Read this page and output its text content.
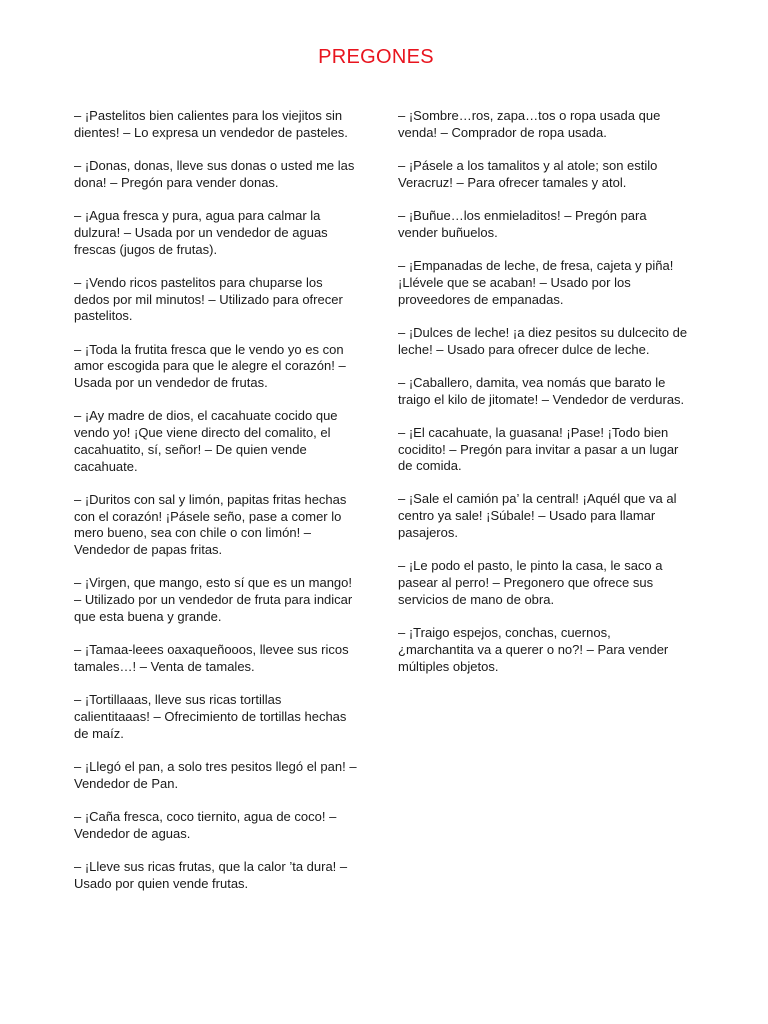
PREGONES

– ¡Pastelitos bien calientes para los viejitos sin dientes! – Lo expresa un vendedor de pasteles.

– ¡Donas, donas, lleve sus donas o usted me las dona! – Pregón para vender donas.

– ¡Agua fresca y pura, agua para calmar la dulzura! – Usada por un vendedor de aguas frescas (jugos de frutas).

– ¡Vendo ricos pastelitos para chuparse los dedos por mil minutos! – Utilizado para ofrecer pastelitos.

– ¡Toda la frutita fresca que le vendo yo es con amor escogida para que le alegre el corazón! – Usada por un vendedor de frutas.

– ¡Ay madre de dios, el cacahuate cocido que vendo yo! ¡Que viene directo del comalito, el cacahuatito, sí, señor! – De quien vende cacahuate.

– ¡Duritos con sal y limón, papitas fritas hechas con el corazón! ¡Pásele seño, pase a comer lo mero bueno, sea con chile o con limón! – Vendedor de papas fritas.

– ¡Virgen, que mango, esto sí que es un mango! – Utilizado por un vendedor de fruta para indicar que esta buena y grande.

– ¡Tamaa-leees oaxaqueñooos, llevee sus ricos tamales…! – Venta de tamales.

– ¡Tortillaaas, lleve sus ricas tortillas calientitaaas! – Ofrecimiento de tortillas hechas de maíz.

– ¡Llegó el pan, a solo tres pesitos llegó el pan! – Vendedor de Pan.

– ¡Caña fresca, coco tiernito, agua de coco! – Vendedor de aguas.

– ¡Lleve sus ricas frutas, que la calor ’ta dura! – Usado por quien vende frutas.

– ¡Sombre…ros, zapa…tos o ropa usada que venda! – Comprador de ropa usada.

– ¡Pásele a los tamalitos y al atole; son estilo Veracruz! – Para ofrecer tamales y atol.

– ¡Buñue…los enmieladitos! – Pregón para vender buñuelos.

– ¡Empanadas de leche, de fresa, cajeta y piña! ¡Llévele que se acaban! – Usado por los proveedores de empanadas.

– ¡Dulces de leche! ¡a diez pesitos su dulcecito de leche! – Usado para ofrecer dulce de leche.

– ¡Caballero, damita, vea nomás que barato le traigo el kilo de jitomate! – Vendedor de verduras.

– ¡El cacahuate, la guasana! ¡Pase! ¡Todo bien cocidito! – Pregón para invitar a pasar a un lugar de comida.

– ¡Sale el camión pa’ la central! ¡Aquél que va al centro ya sale! ¡Súbale! – Usado para llamar pasajeros.

– ¡Le podo el pasto, le pinto la casa, le saco a pasear al perro! – Pregonero que ofrece sus servicios de mano de obra.

– ¡Traigo espejos, conchas, cuernos, ¿marchantita va a querer o no?! – Para vender múltiples objetos.
